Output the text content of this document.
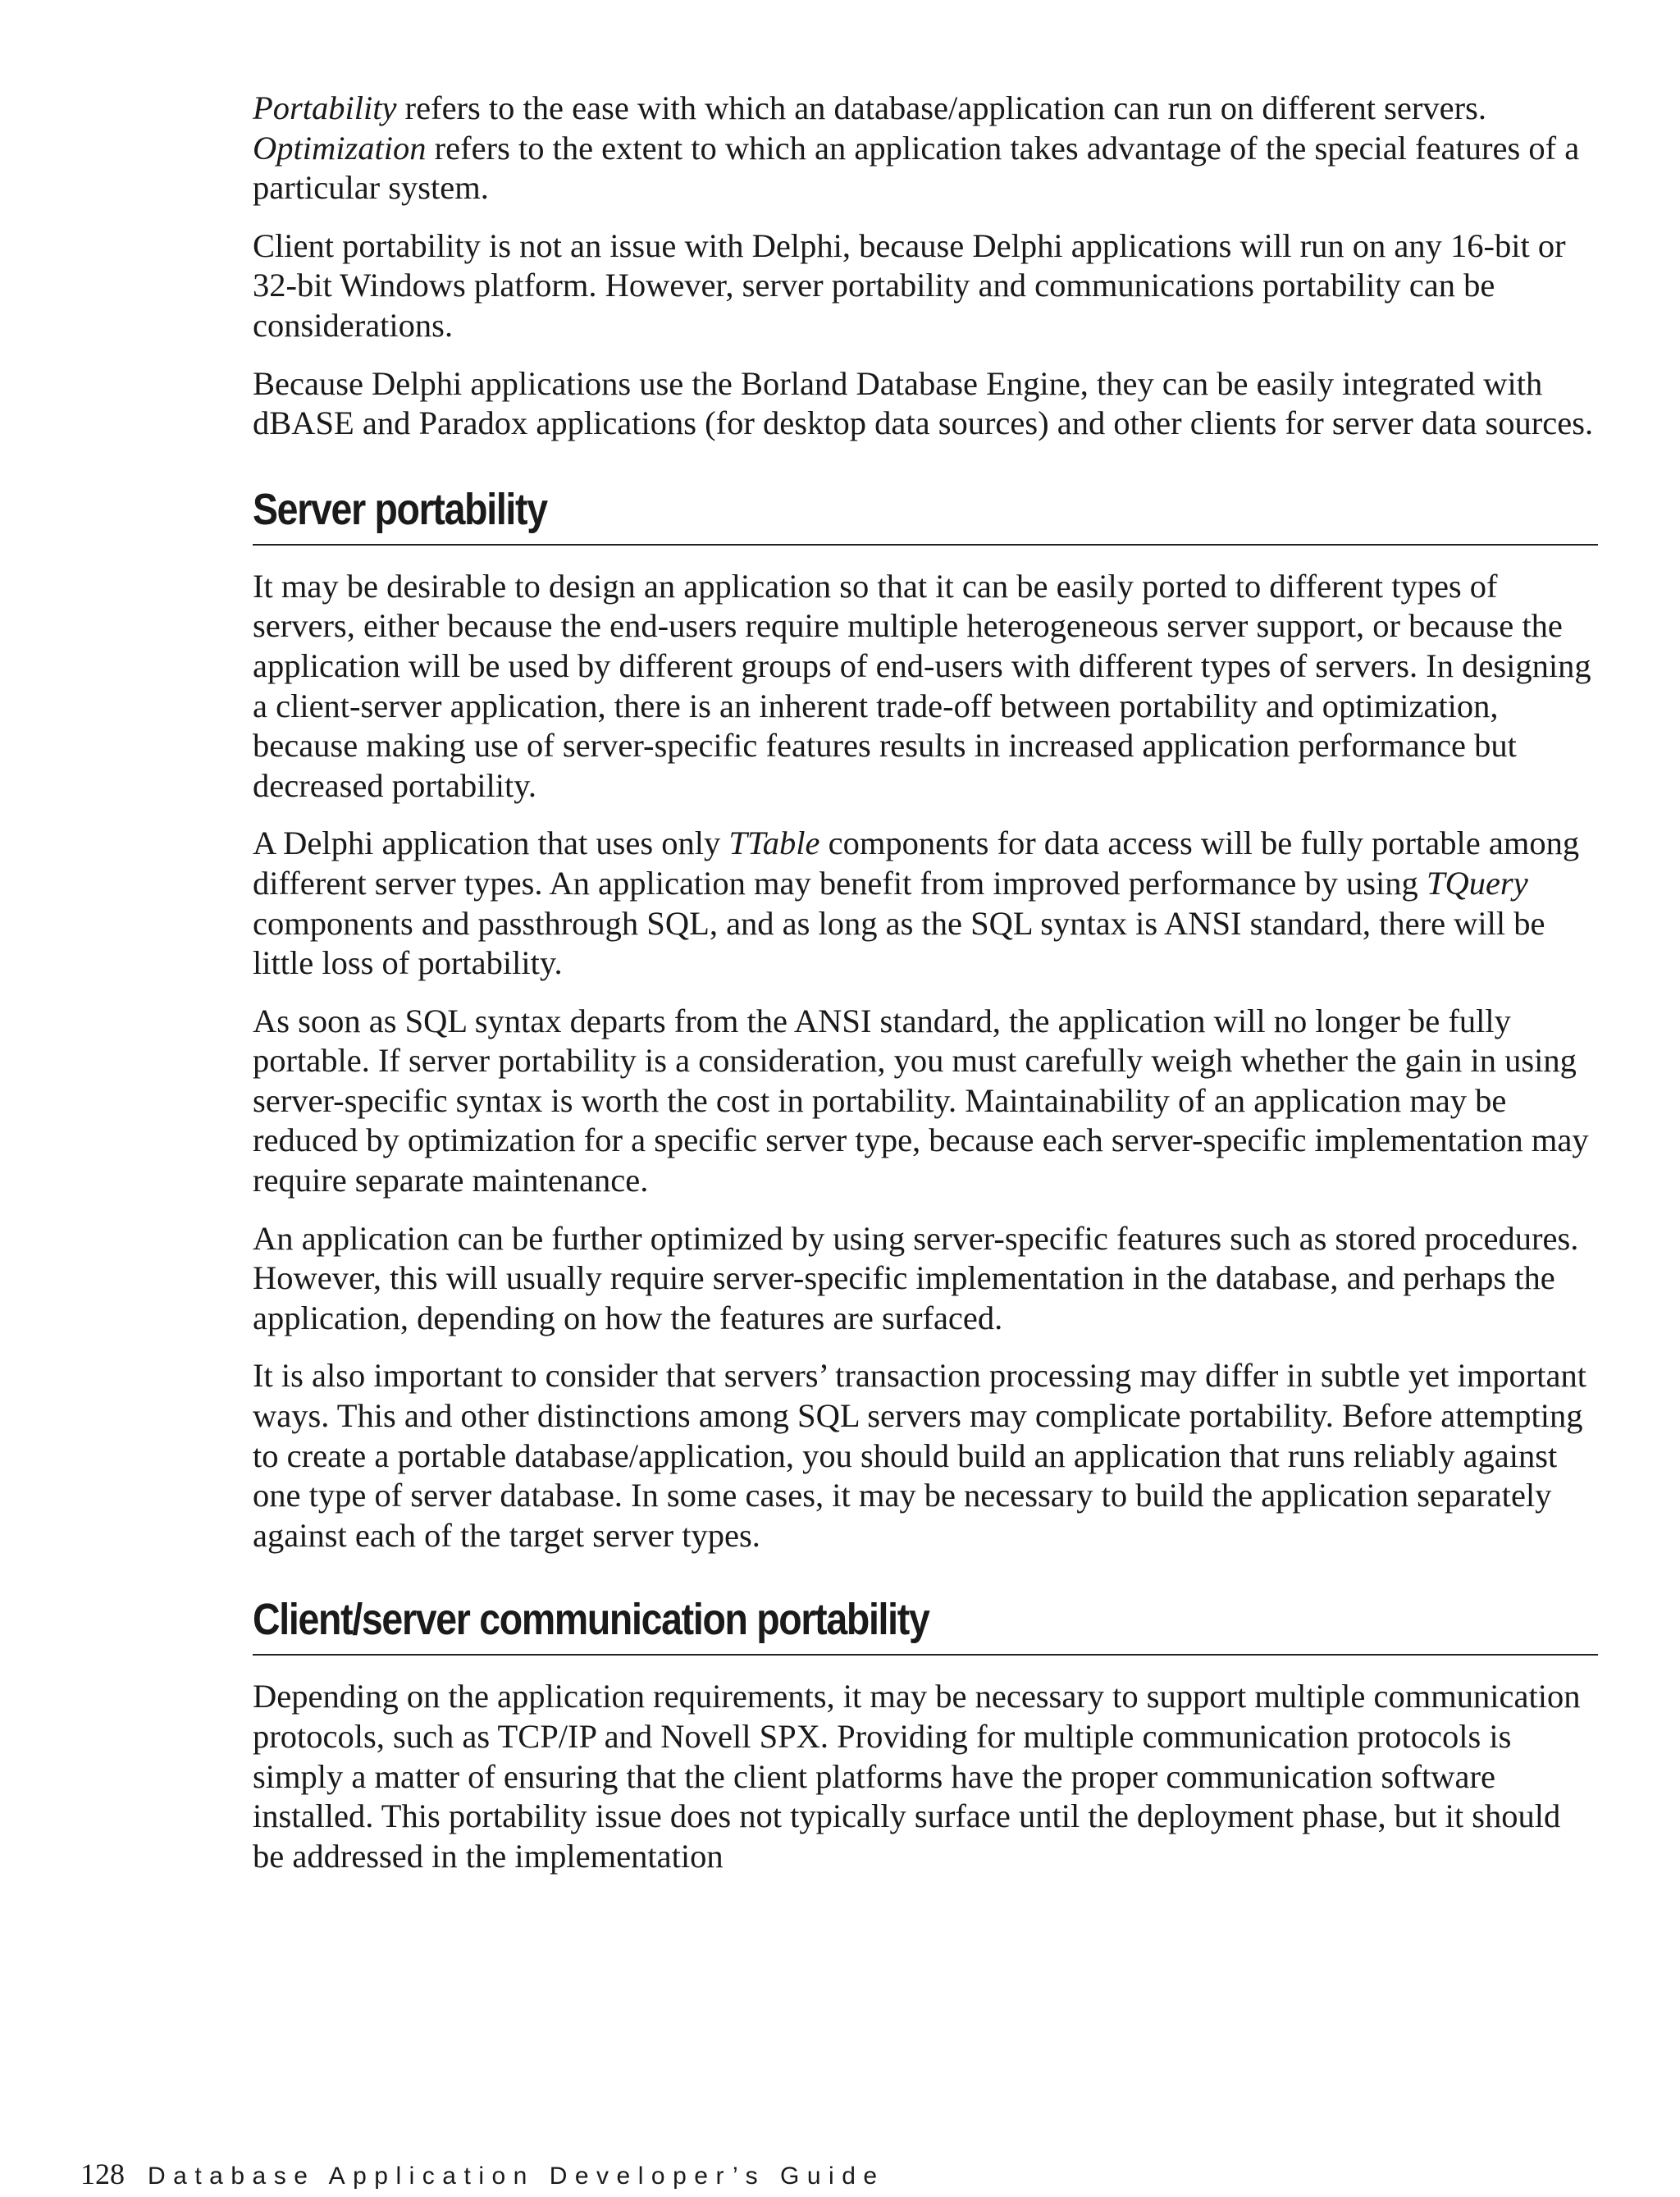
Portability refers to the ease with which an database/application can run on different servers. Optimization refers to the extent to which an application takes advantage of the special features of a particular system.

Client portability is not an issue with Delphi, because Delphi applications will run on any 16-bit or 32-bit Windows platform. However, server portability and communications portability can be considerations.

Because Delphi applications use the Borland Database Engine, they can be easily integrated with dBASE and Paradox applications (for desktop data sources) and other clients for server data sources.

Server portability

It may be desirable to design an application so that it can be easily ported to different types of servers, either because the end-users require multiple heterogeneous server support, or because the application will be used by different groups of end-users with different types of servers. In designing a client-server application, there is an inherent trade-off between portability and optimization, because making use of server-specific features results in increased application performance but decreased portability.

A Delphi application that uses only TTable components for data access will be fully portable among different server types. An application may benefit from improved performance by using TQuery components and passthrough SQL, and as long as the SQL syntax is ANSI standard, there will be little loss of portability.

As soon as SQL syntax departs from the ANSI standard, the application will no longer be fully portable. If server portability is a consideration, you must carefully weigh whether the gain in using server-specific syntax is worth the cost in portability. Maintainability of an application may be reduced by optimization for a specific server type, because each server-specific implementation may require separate maintenance.

An application can be further optimized by using server-specific features such as stored procedures. However, this will usually require server-specific implementation in the database, and perhaps the application, depending on how the features are surfaced.

It is also important to consider that servers’ transaction processing may differ in subtle yet important ways. This and other distinctions among SQL servers may complicate portability. Before attempting to create a portable database/application, you should build an application that runs reliably against one type of server database. In some cases, it may be necessary to build the application separately against each of the target server types.

Client/server communication portability

Depending on the application requirements, it may be necessary to support multiple communication protocols, such as TCP/IP and Novell SPX. Providing for multiple communication protocols is simply a matter of ensuring that the client platforms have the proper communication software installed. This portability issue does not typically surface until the deployment phase, but it should be addressed in the implementation

128 Database Application Developer’s Guide
